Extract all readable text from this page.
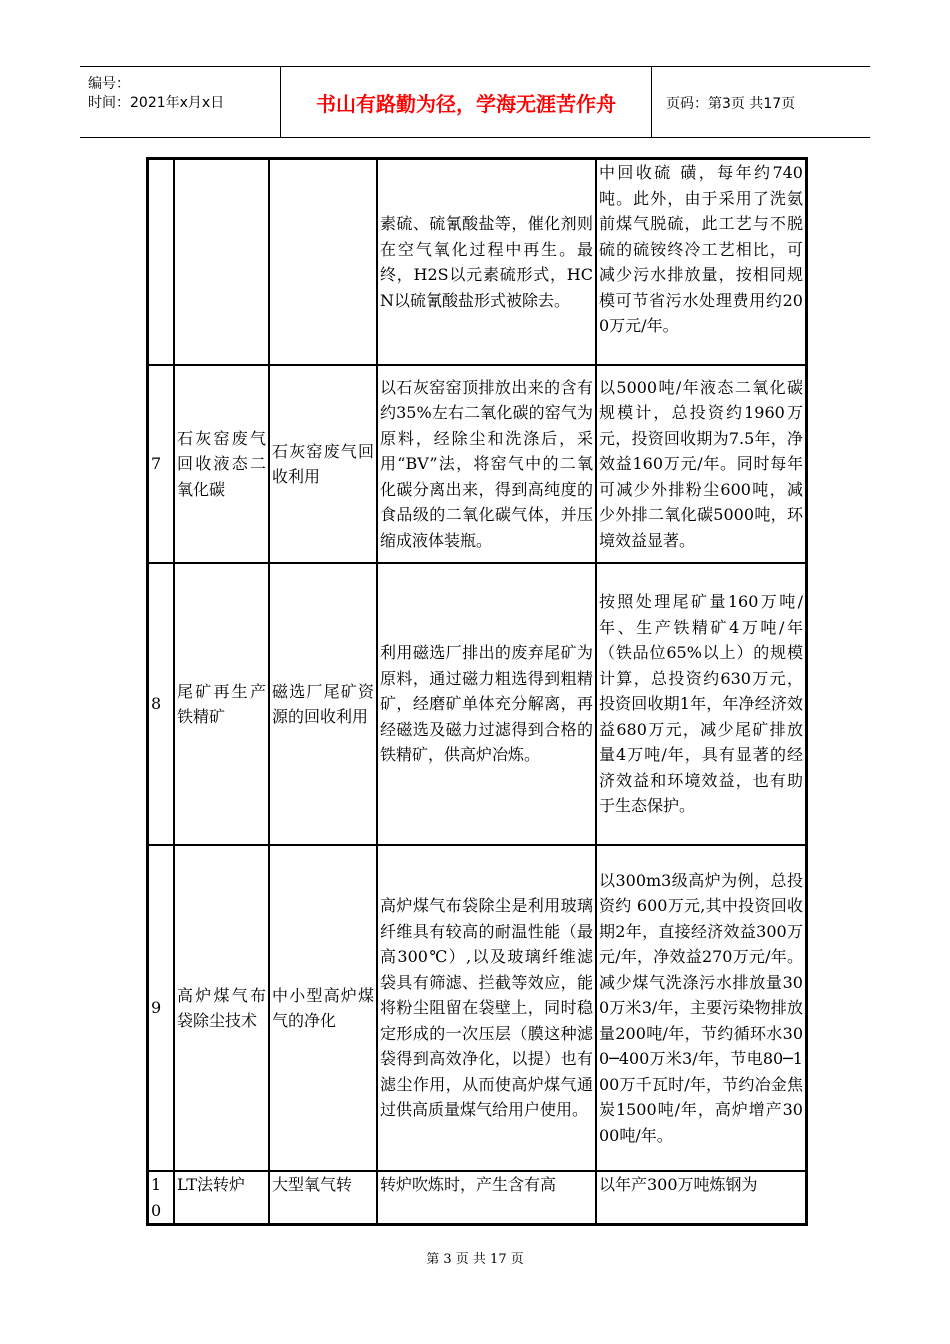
编号：
时间：2021年x月x日	书山有路勤为径，学海无涯苦作舟	页码：第3页 共17页
			素硫、硫氰酸盐等，催化剂则在空气氧化过程中再生。最终，H2S以元素硫形式，HCN以硫氰酸盐形式被除去。	中回收硫 磺，每年约740吨。此外，由于采用了洗氨前煤气脱硫，此工艺与不脱硫的硫铵终冷工艺相比，可减少污水排放量，按相同规模可节省污水处理费用约200万元/年。
7	石灰窑废气回收液态二氧化碳	石灰窑废气回收利用	以石灰窑窑顶排放出来的含有约35%左右二氧化碳的窑气为原料，经除尘和洗涤后，采用“BV”法，将窑气中的二氧化碳分离出来，得到高纯度的食品级的二氧化碳气体，并压缩成液体装瓶。	以5000吨/年液态二氧化碳规模计，总投资约1960万元，投资回收期为7.5年，净效益160万元/年。同时每年可减少外排粉尘600吨，减少外排二氧化碳5000吨，环境效益显著。
8	尾矿再生产铁精矿	磁选厂尾矿资源的回收利用	利用磁选厂排出的废弃尾矿为原料，通过磁力粗选得到粗精矿，经磨矿单体充分解离，再经磁选及磁力过滤得到合格的铁精矿，供高炉冶炼。	按照处理尾矿量160万吨/年、生产铁精矿4万吨/年（铁品位65%以上）的规模计算，总投资约630万元，投资回收期1年，年净经济效益680万元，减少尾矿排放量4万吨/年，具有显著的经济效益和环境效益，也有助于生态保护。
9	高炉煤气布袋除尘技术	中小型高炉煤气的净化	高炉煤气布袋除尘是利用玻璃纤维具有较高的耐温性能（最高300℃）,以及玻璃纤维滤袋具有筛滤、拦截等效应，能将粉尘阻留在袋壁上，同时稳定形成的一次压层（膜这种滤袋得到高效净化，以提）也有滤尘作用，从而使高炉煤气通过供高质量煤气给用户使用。	以300m3级高炉为例，总投资约 600万元,其中投资回收期2年，直接经济效益300万元/年，净效益270万元/年。减少煤气洗涤污水排放量300万米3/年，主要污染物排放量200吨/年，节约循环水300─400万米3/年，节电80─100万千瓦时/年，节约冶金焦炭1500吨/年，高炉增产3000吨/年。
10	LT法转炉	大型氧气转	转炉吹炼时，产生含有高	以年产300万吨炼钢为
第 3 页 共 17 页
